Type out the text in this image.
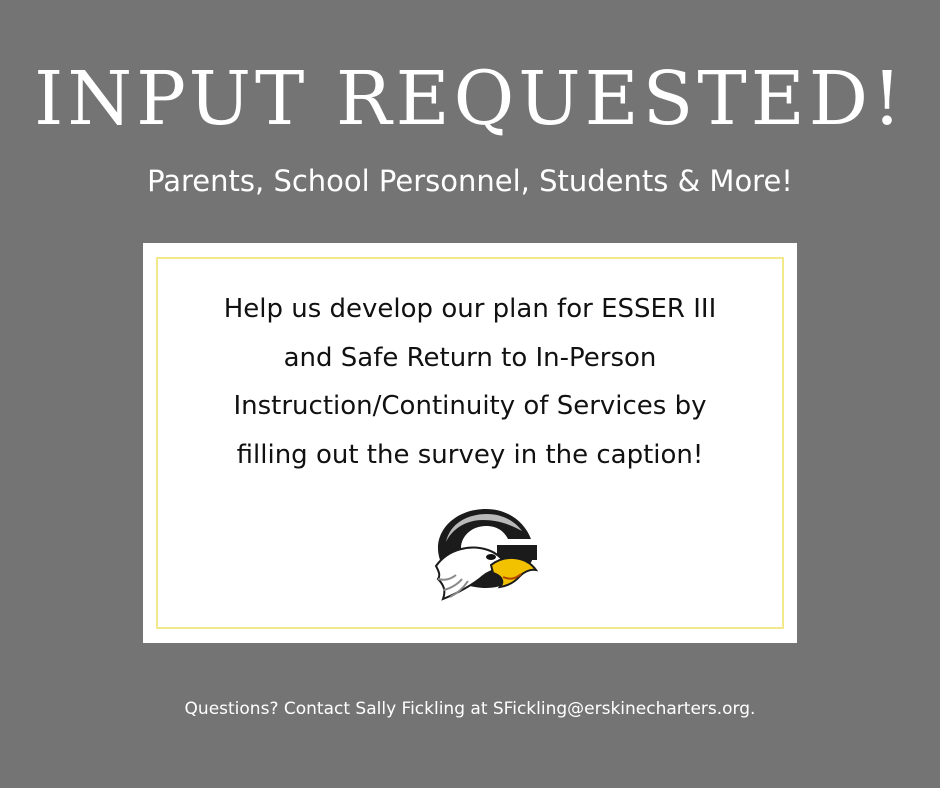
INPUT REQUESTED!
Parents, School Personnel, Students & More!
Help us develop our plan for ESSER III
and Safe Return to In-Person
Instruction/Continuity of Services by
filling out the survey in the caption!
Questions? Contact Sally Fickling at SFickling@erskinecharters.org.
